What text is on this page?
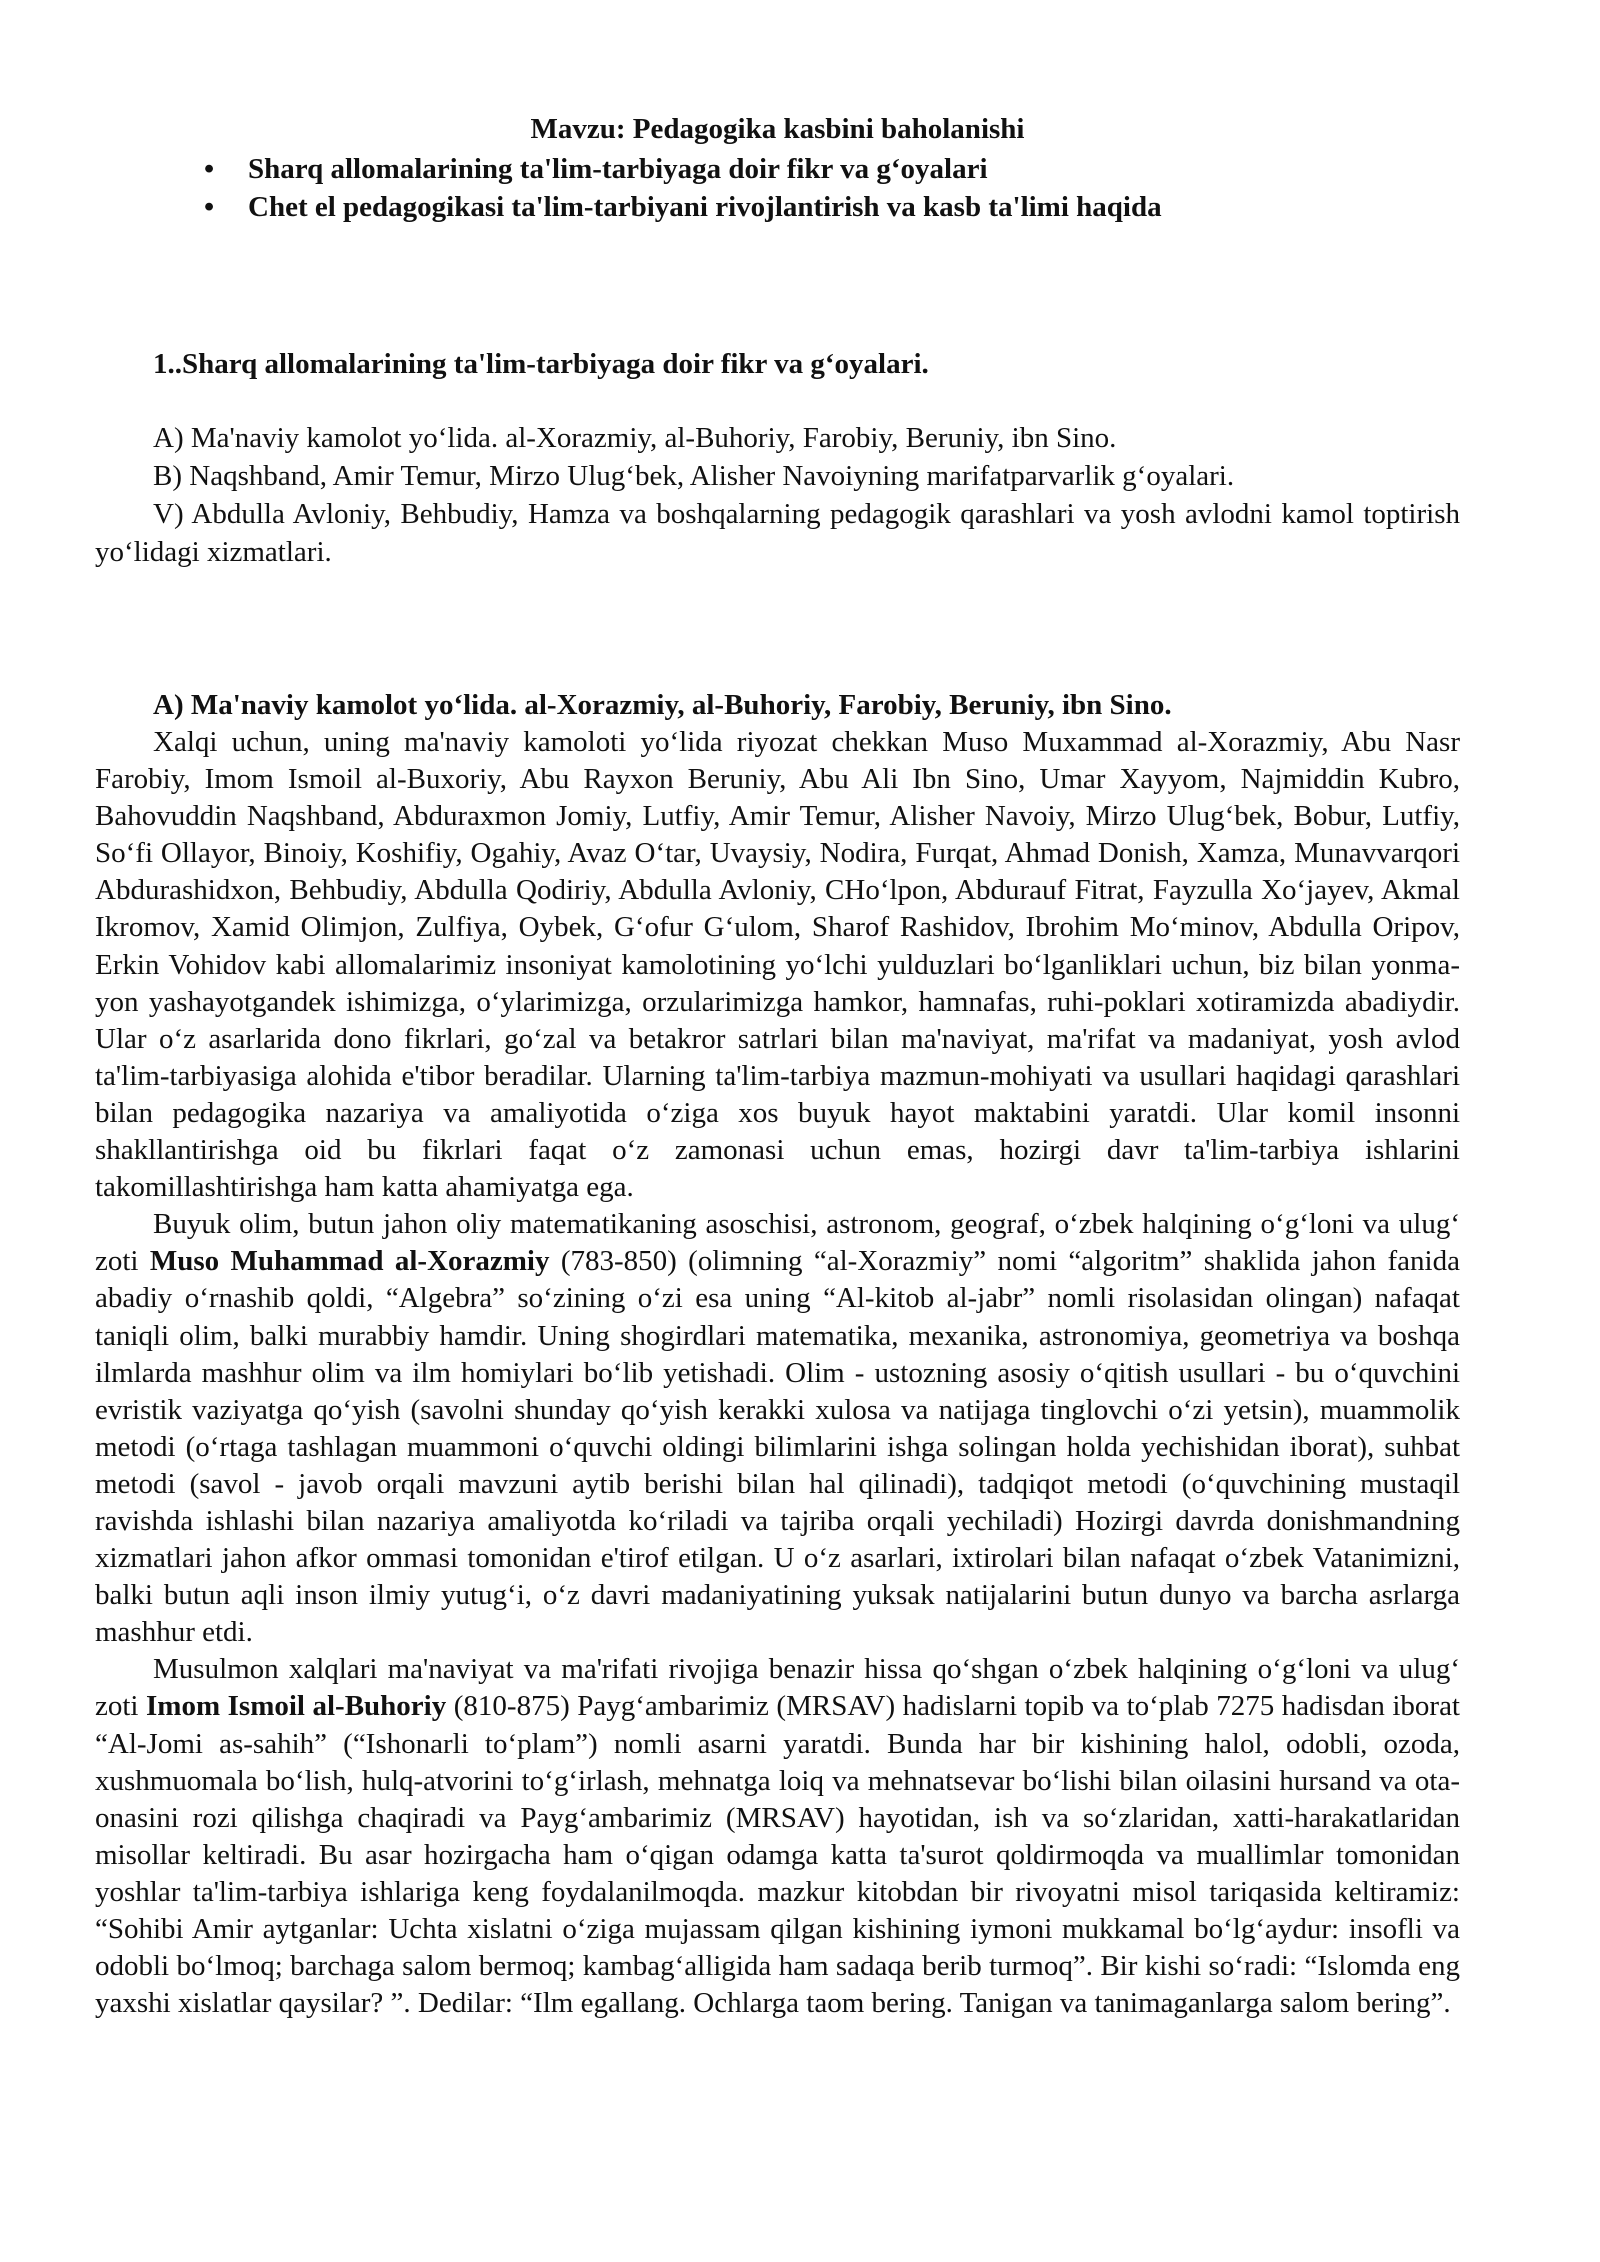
Mavzu: Pedagogika kasbini baholanishi
• Sharq allomalarining ta'lim-tarbiyaga doir fikr va g‘oyalari
• Chet el pedagogikasi ta'lim-tarbiyani rivojlantirish va kasb ta'limi haqida
1..Sharq allomalarining ta'lim-tarbiyaga doir fikr va g‘oyalari.

A) Ma'naviy kamolot yo‘lida. al-Xorazmiy, al-Buhoriy, Farobiy, Beruniy, ibn Sino.

B) Naqshband, Amir Temur, Mirzo Ulug‘bek, Alisher Navoiyning marifatparvarlik g‘oyalari.

V) Abdulla Avloniy, Behbudiy, Hamza va boshqalarning pedagogik qarashlari va yosh avlodni kamol toptirish yo‘lidagi xizmatlari.

A) Ma'naviy kamolot yo‘lida. al-Xorazmiy, al-Buhoriy, Farobiy, Beruniy, ibn Sino.

Xalqi uchun, uning ma'naviy kamoloti yo‘lida riyozat chekkan Muso Muxammad al-Xorazmiy, Abu Nasr Farobiy, Imom Ismoil al-Buxoriy, Abu Rayxon Beruniy, Abu Ali Ibn Sino, Umar Xayyom, Najmiddin Kubro, Bahovuddin Naqshband, Abduraxmon Jomiy, Lutfiy, Amir Temur, Alisher Navoiy, Mirzo Ulug‘bek, Bobur, Lutfiy, So‘fi Ollayor, Binoiy, Koshifiy, Ogahiy, Avaz O‘tar, Uvaysiy, Nodira, Furqat, Ahmad Donish, Xamza, Munavvarqori Abdurashidxon, Behbudiy, Abdulla Qodiriy, Abdulla Avloniy, CHo‘lpon, Abdurauf Fitrat, Fayzulla Xo‘jayev, Akmal Ikromov, Xamid Olimjon, Zulfiya, Oybek, G‘ofur G‘ulom, Sharof Rashidov, Ibrohim Mo‘minov, Abdulla Oripov, Erkin Vohidov kabi allomalarimiz insoniyat kamolotining yo‘lchi yulduzlari bo‘lganliklari uchun, biz bilan yonma-yon yashayotgandek ishimizga, o‘ylarimizga, orzularimizga hamkor, hamnafas, ruhi-poklari xotiramizda abadiydir. Ular o‘z asarlarida dono fikrlari, go‘zal va betakror satrlari bilan ma'naviyat, ma'rifat va madaniyat, yosh avlod ta'lim-tarbiyasiga alohida e'tibor beradilar. Ularning ta'lim-tarbiya mazmun-mohiyati va usullari haqidagi qarashlari bilan pedagogika nazariya va amaliyotida o‘ziga xos buyuk hayot maktabini yaratdi. Ular komil insonni shakllantirishga oid bu fikrlari faqat o‘z zamonasi uchun emas, hozirgi davr ta'lim-tarbiya ishlarini takomillashtirishga ham katta ahamiyatga ega.

Buyuk olim, butun jahon oliy matematikaning asoschisi, astronom, geograf, o‘zbek halqining o‘g‘loni va ulug‘ zoti Muso Muhammad al-Xorazmiy (783-850) (olimning “al-Xorazmiy” nomi “algoritm” shaklida jahon fanida abadiy o‘rnashib qoldi, “Algebra” so‘zining o‘zi esa uning “Al-kitob al-jabr” nomli risolasidan olingan) nafaqat taniqli olim, balki murabbiy hamdir. Uning shogirdlari matematika, mexanika, astronomiya, geometriya va boshqa ilmlarda mashhur olim va ilm homiylari bo‘lib yetishadi. Olim - ustozning asosiy o‘qitish usullari - bu o‘quvchini evristik vaziyatga qo‘yish (savolni shunday qo‘yish kerakki xulosa va natijaga tinglovchi o‘zi yetsin), muammolik metodi (o‘rtaga tashlagan muammoni o‘quvchi oldingi bilimlarini ishga solingan holda yechishidan iborat), suhbat metodi (savol - javob orqali mavzuni aytib berishi bilan hal qilinadi), tadqiqot metodi (o‘quvchining mustaqil ravishda ishlashi bilan nazariya amaliyotda ko‘riladi va tajriba orqali yechiladi) Hozirgi davrda donishmandning xizmatlari jahon afkor ommasi tomonidan e'tirof etilgan. U o‘z asarlari, ixtirolari bilan nafaqat o‘zbek Vatanimizni, balki butun aqli inson ilmiy yutug‘i, o‘z davri madaniyatining yuksak natijalarini butun dunyo va barcha asrlarga mashhur etdi.

Musulmon xalqlari ma'naviyat va ma'rifati rivojiga benazir hissa qo‘shgan o‘zbek halqining o‘g‘loni va ulug‘ zoti Imom Ismoil al-Buhoriy (810-875) Payg‘ambarimiz (MRSAV) hadislarni topib va to‘plab 7275 hadisdan iborat “Al-Jomi as-sahih” (“Ishonarli to‘plam”) nomli asarni yaratdi. Bunda har bir kishining halol, odobli, ozoda, xushmuomala bo‘lish, hulq-atvorini to‘g‘irlash, mehnatga loiq va mehnatsevar bo‘lishi bilan oilasini hursand va ota-onasini rozi qilishga chaqiradi va Payg‘ambarimiz (MRSAV) hayotidan, ish va so‘zlaridan, xatti-harakatlaridan misollar keltiradi. Bu asar hozirgacha ham o‘qigan odamga katta ta'surot qoldirmoqda va muallimlar tomonidan yoshlar ta'lim-tarbiya ishlariga keng foydalanilmoqda. mazkur kitobdan bir rivoyatni misol tariqasida keltiramiz: “Sohibi Amir aytganlar: Uchta xislatni o‘ziga mujassam qilgan kishining iymoni mukkamal bo‘lg‘aydur: insofli va odobli bo‘lmoq; barchaga salom bermoq; kambag‘alligida ham sadaqa berib turmoq”. Bir kishi so‘radi: “Islomda eng yaxshi xislatlar qaysilar? ”. Dedilar: “Ilm egallang. Ochlarga taom bering. Tanigan va tanimaganlarga salom bering”.
